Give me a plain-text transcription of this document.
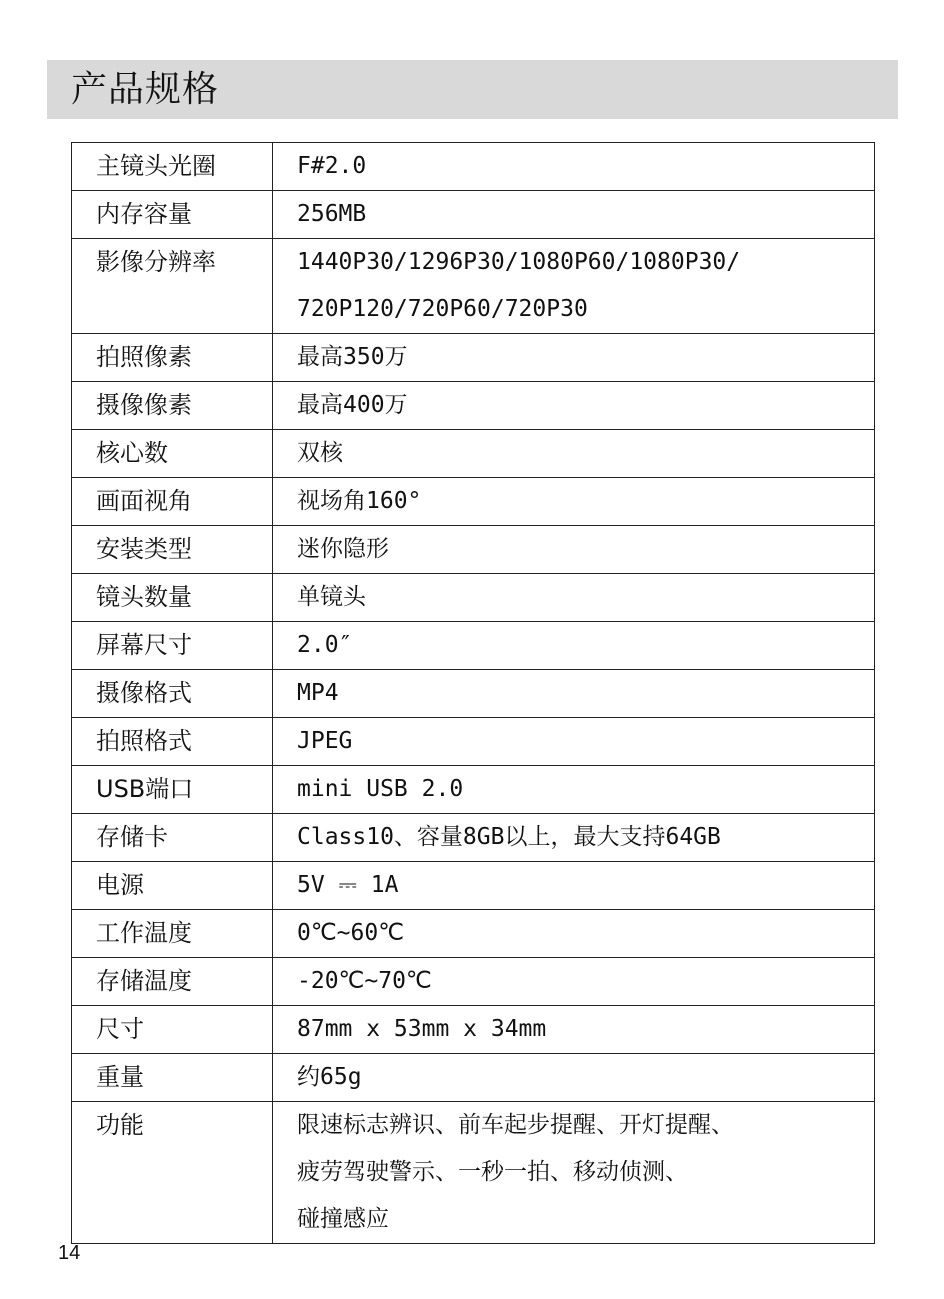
产品规格
主镜头光圈	F#2.0

内存容量	256MB

影像分辨率	1440P30/1296P30/1080P60/1080P30/
720P120/720P60/720P30

拍照像素	最高350万

摄像像素	最高400万

核心数	双核

画面视角	视场角160°

安装类型	迷你隐形

镜头数量	单镜头

屏幕尺寸	2.0″

摄像格式	MP4

拍照格式	JPEG

USB端口	mini USB 2.0

存储卡	Class10、容量8GB以上，最大支持64GB

电源	5V ⎓ 1A

工作温度	0℃~60℃

存储温度	-20℃~70℃

尺寸	87mm x 53mm x 34mm

重量	约65g

功能	限速标志辨识、前车起步提醒、开灯提醒、
疲劳驾驶警示、一秒一拍、移动侦测、
碰撞感应
14
